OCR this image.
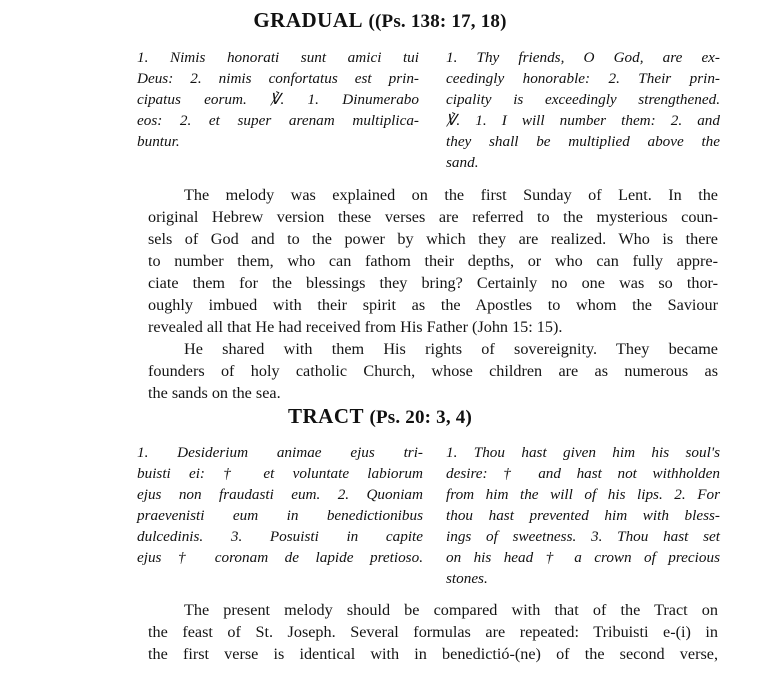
GRADUAL ((Ps. 138: 17, 18)
1. Nimis honorati sunt amici tui
Deus: 2. nimis confortatus est prin-
cipatus eorum. ℣. 1. Dinumerabo
eos: 2. et super arenam multiplica-
buntur.
1. Thy friends, O God, are ex-
ceedingly honorable: 2. Their prin-
cipality is exceedingly strengthened.
℣. 1. I will number them: 2. and
they shall be multiplied above the
sand.
The melody was explained on the first Sunday of Lent. In the
original Hebrew version these verses are referred to the mysterious coun-
sels of God and to the power by which they are realized. Who is there
to number them, who can fathom their depths, or who can fully appre-
ciate them for the blessings they bring? Certainly no one was so thor-
oughly imbued with their spirit as the Apostles to whom the Saviour
revealed all that He had received from His Father (John 15: 15).
He shared with them His rights of sovereignity. They became
founders of holy catholic Church, whose children are as numerous as
the sands on the sea.
TRACT (Ps. 20: 3, 4)
1. Desiderium animae ejus tri-
buisti ei: † et voluntate labiorum
ejus non fraudasti eum. 2. Quoniam
praevenisti eum in benedictionibus
dulcedinis. 3. Posuisti in capite
ejus † coronam de lapide pretioso.
1. Thou hast given him his soul's
desire: † and hast not withholden
from him the will of his lips. 2. For
thou hast prevented him with bless-
ings of sweetness. 3. Thou hast set
on his head † a crown of precious
stones.
The present melody should be compared with that of the Tract on
the feast of St. Joseph. Several formulas are repeated: Tribuisti e-(i) in
the first verse is identical with in benedictió-(ne) of the second verse,
